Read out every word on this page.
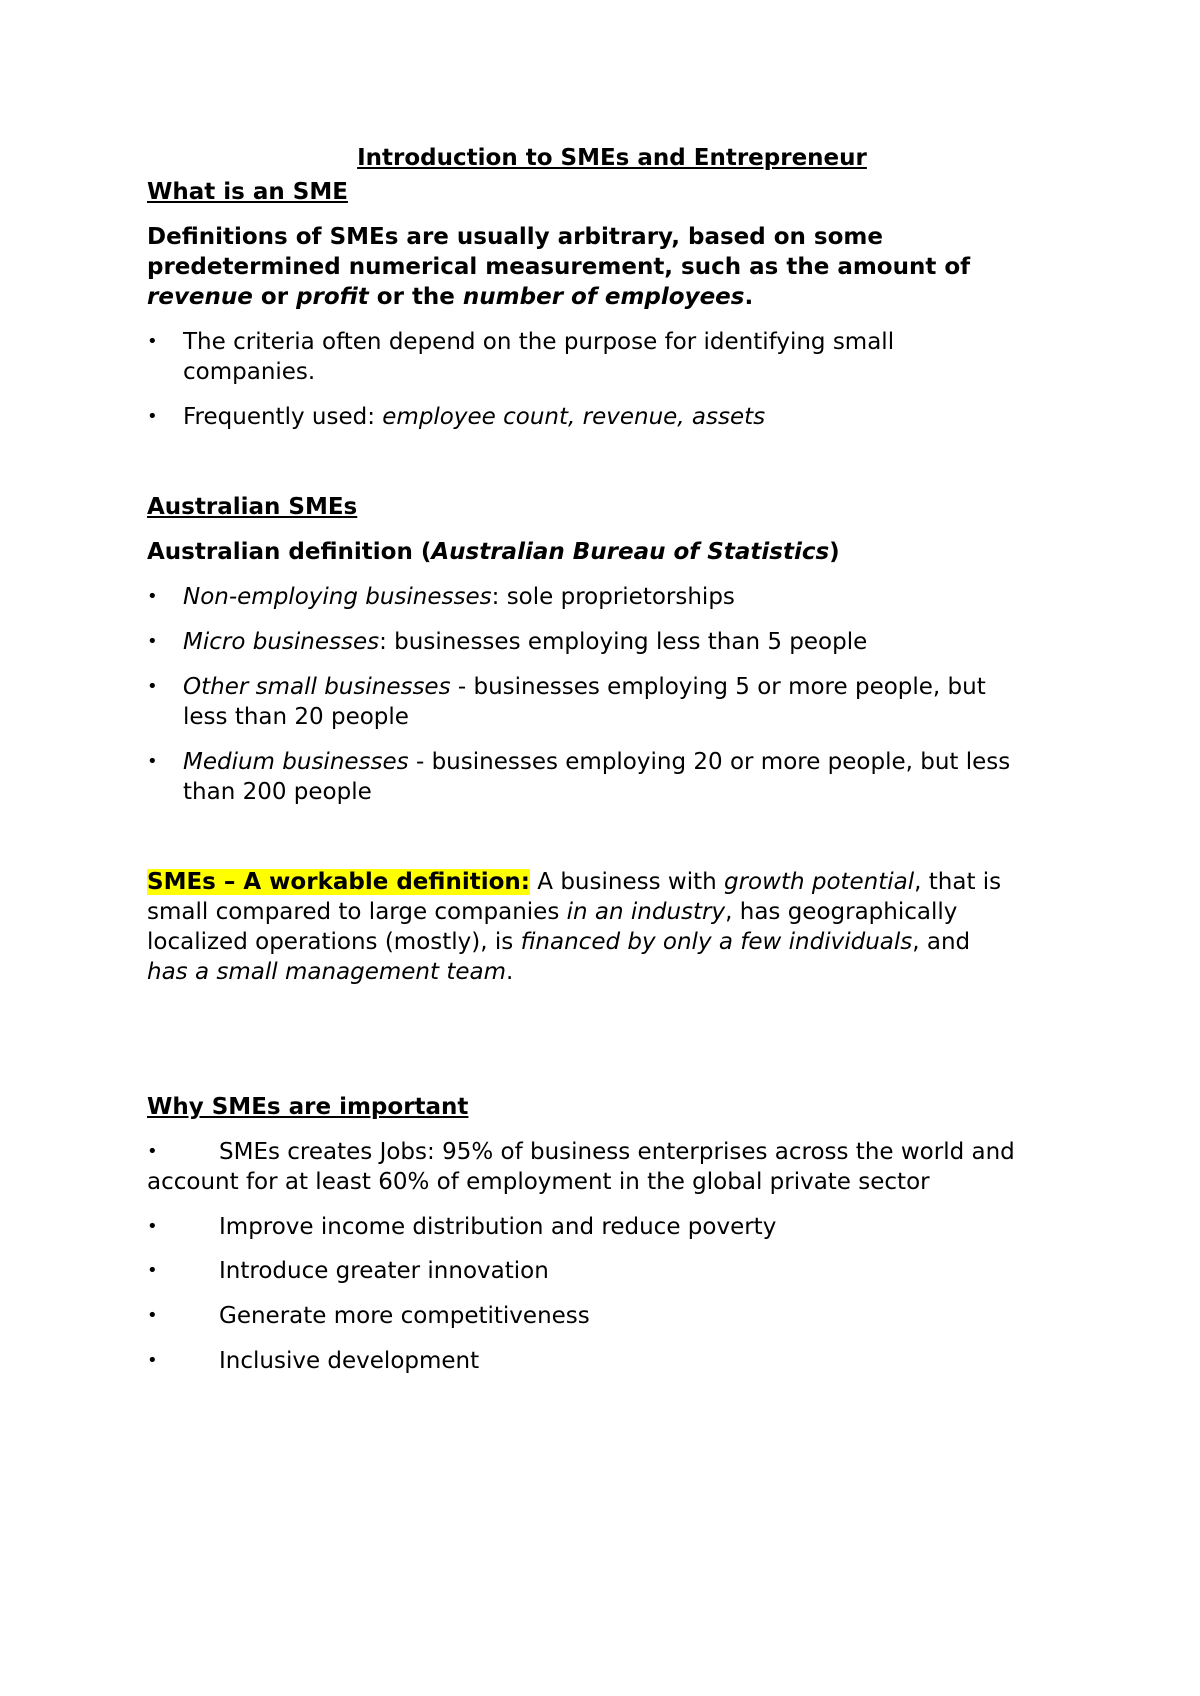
Introduction to SMEs and Entrepreneur
What is an SME
Definitions of SMEs are usually arbitrary, based on some
predetermined numerical measurement, such as the amount of
revenue or profit or the number of employees.
• The criteria often depend on the purpose for identifying small
companies.
• Frequently used: employee count, revenue, assets
Australian SMEs
Australian definition (Australian Bureau of Statistics)
• Non-employing businesses: sole proprietorships
• Micro businesses: businesses employing less than 5 people
• Other small businesses - businesses employing 5 or more people, but
less than 20 people
• Medium businesses - businesses employing 20 or more people, but less
than 200 people
SMEs – A workable definition: A business with growth potential, that is
small compared to large companies in an industry, has geographically
localized operations (mostly), is financed by only a few individuals, and
has a small management team.
Why SMEs are important
•	SMEs creates Jobs: 95% of business enterprises across the world and
account for at least 60% of employment in the global private sector
•	Improve income distribution and reduce poverty
•	Introduce greater innovation
•	Generate more competitiveness
•	Inclusive development
